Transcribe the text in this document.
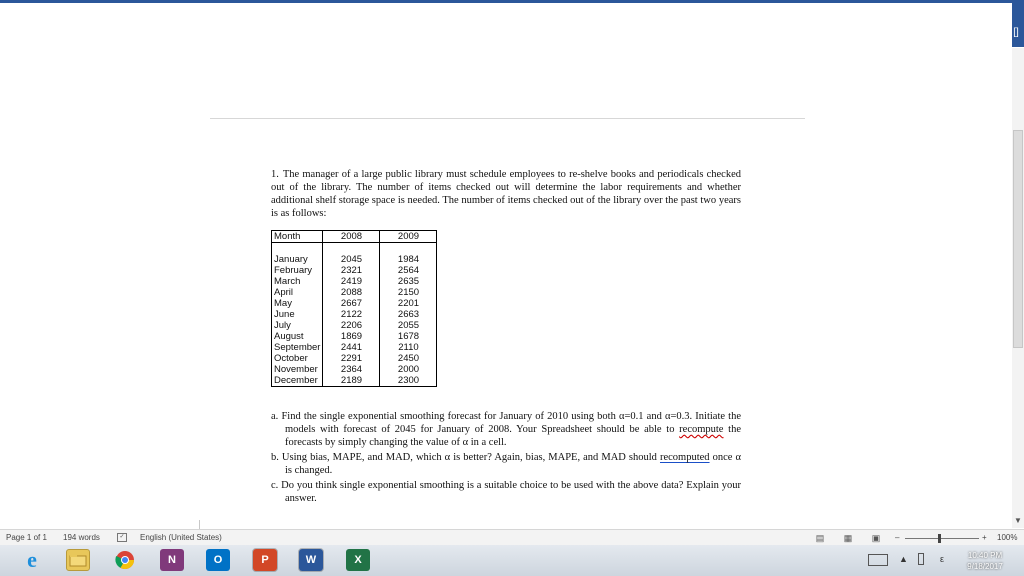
[]

1. The manager of a large public library must schedule employees to re-shelve books and periodicals checked out of the library. The number of items checked out will determine the labor requirements and whether additional shelf storage space is needed. The number of items checked out of the library over the past two years is as follows:

Month	2008	2009

January	2045	1984
February	2321	2564
March	2419	2635
April	2088	2150
May	2667	2201
June	2122	2663
July	2206	2055
August	1869	1678
September	2441	2110
October	2291	2450
November	2364	2000
December	2189	2300

a. Find the single exponential smoothing forecast for January of 2010 using both α=0.1 and α=0.3. Initiate the models with forecast of 2045 for January of 2008. Your Spreadsheet should be able to recompute the forecasts by simply changing the value of α in a cell.

b. Using bias, MAPE, and MAD, which α is better? Again, bias, MAPE, and MAD should recomputed once α is changed.

c. Do you think single exponential smoothing is a suitable choice to be used with the above data? Explain your answer.

▼
Page 1 of 1 194 words	✓	English (United States)	▤ ▦ ▣ –	+ 100%
e	N	O	P	W	X	▲	ε	10:40 PM
9/18/2017
